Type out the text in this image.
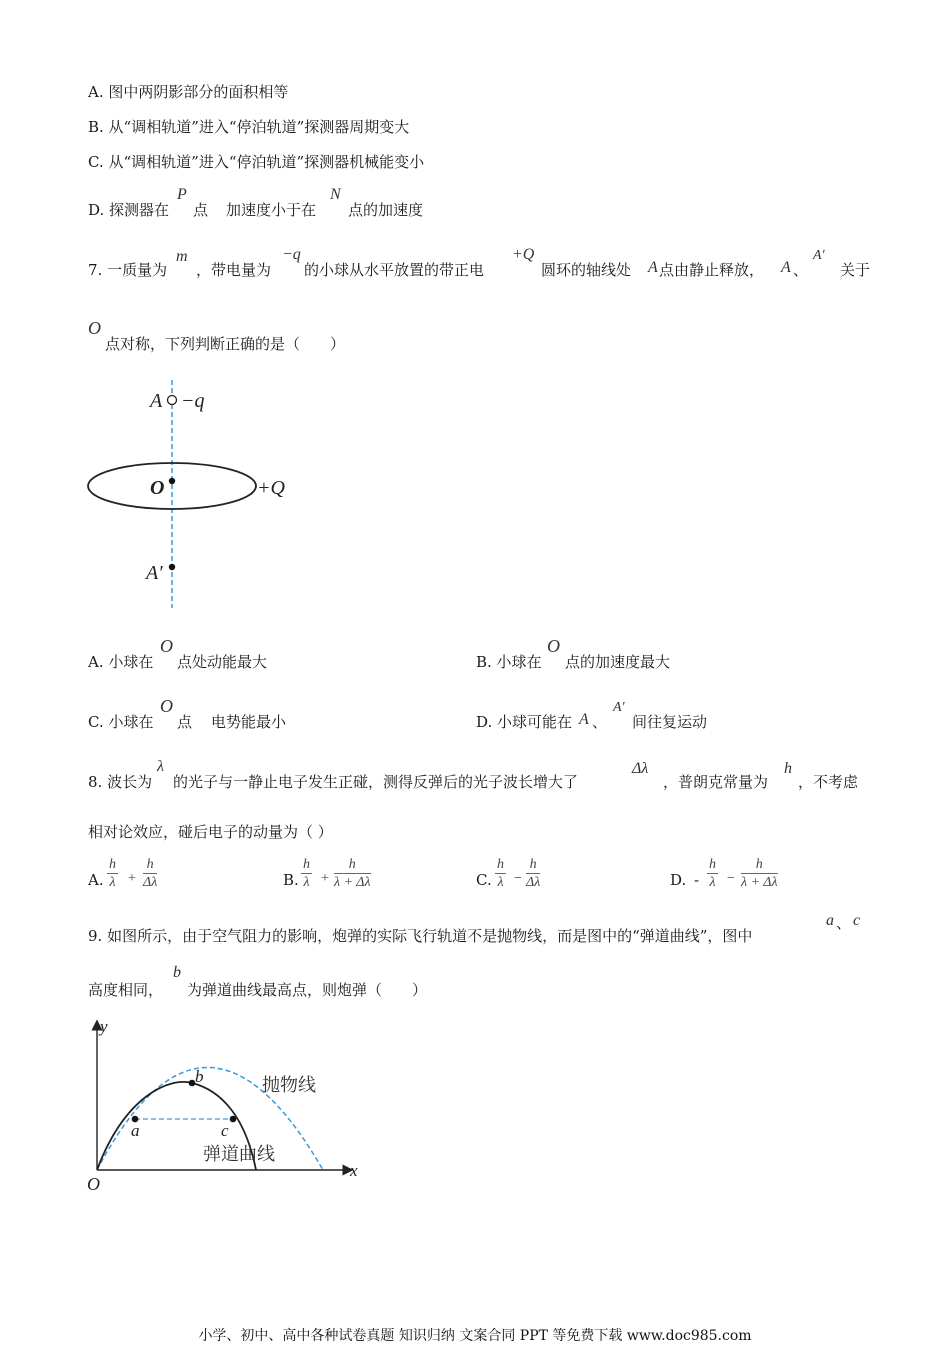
A. 图中两阴影部分的面积相等
B. 从“调相轨道”进入“停泊轨道”探测器周期变大
C. 从“调相轨道”进入“停泊轨道”探测器机械能变小
D. 探测器在
P
点 加速度小于在
N
点的加速度
7. 一质量为
m
，带电量为
−q
的小球从水平放置的带正电
+Q
圆环的轴线处 A 点由静止释放， A 、
A′
关于
O
点对称，下列判断正确的是（　　）
A −q
O	+Q
A′
A. 小球在
O
点处动能最大	B. 小球在
O
点的加速度最大
C. 小球在
O
点 电势能最小	D. 小球可能在 A 、
A′
间往复运动
8. 波长为
λ
的光子与一静止电子发生正碰，测得反弹后的光子波长增大了
Δλ
，普朗克常量为
h
，不考虑
相对论效应，碰后电子的动量为（ ）
A. $\frac{h}{\lambda} + \frac{h}{\Delta\lambda}$	B. $\frac{h}{\lambda} + \frac{h}{\lambda + \Delta\lambda}$	C. $\frac{h}{\lambda} - \frac{h}{\Delta\lambda}$	D. - $\frac{h}{\lambda} - \frac{h}{\lambda + \Delta\lambda}$
9. 如图所示，由于空气阻力的影响，炮弹的实际飞行轨道不是抛物线，而是图中的“弹道曲线”，图中
a 、 c
高度相同，
b
为弹道曲线最高点，则炮弹（　　）
y
x
O
a
b
c
抛物线
弹道曲线
小学、初中、高中各种试卷真题 知识归纳 文案合同 PPT 等免费下载 www.doc985.com
